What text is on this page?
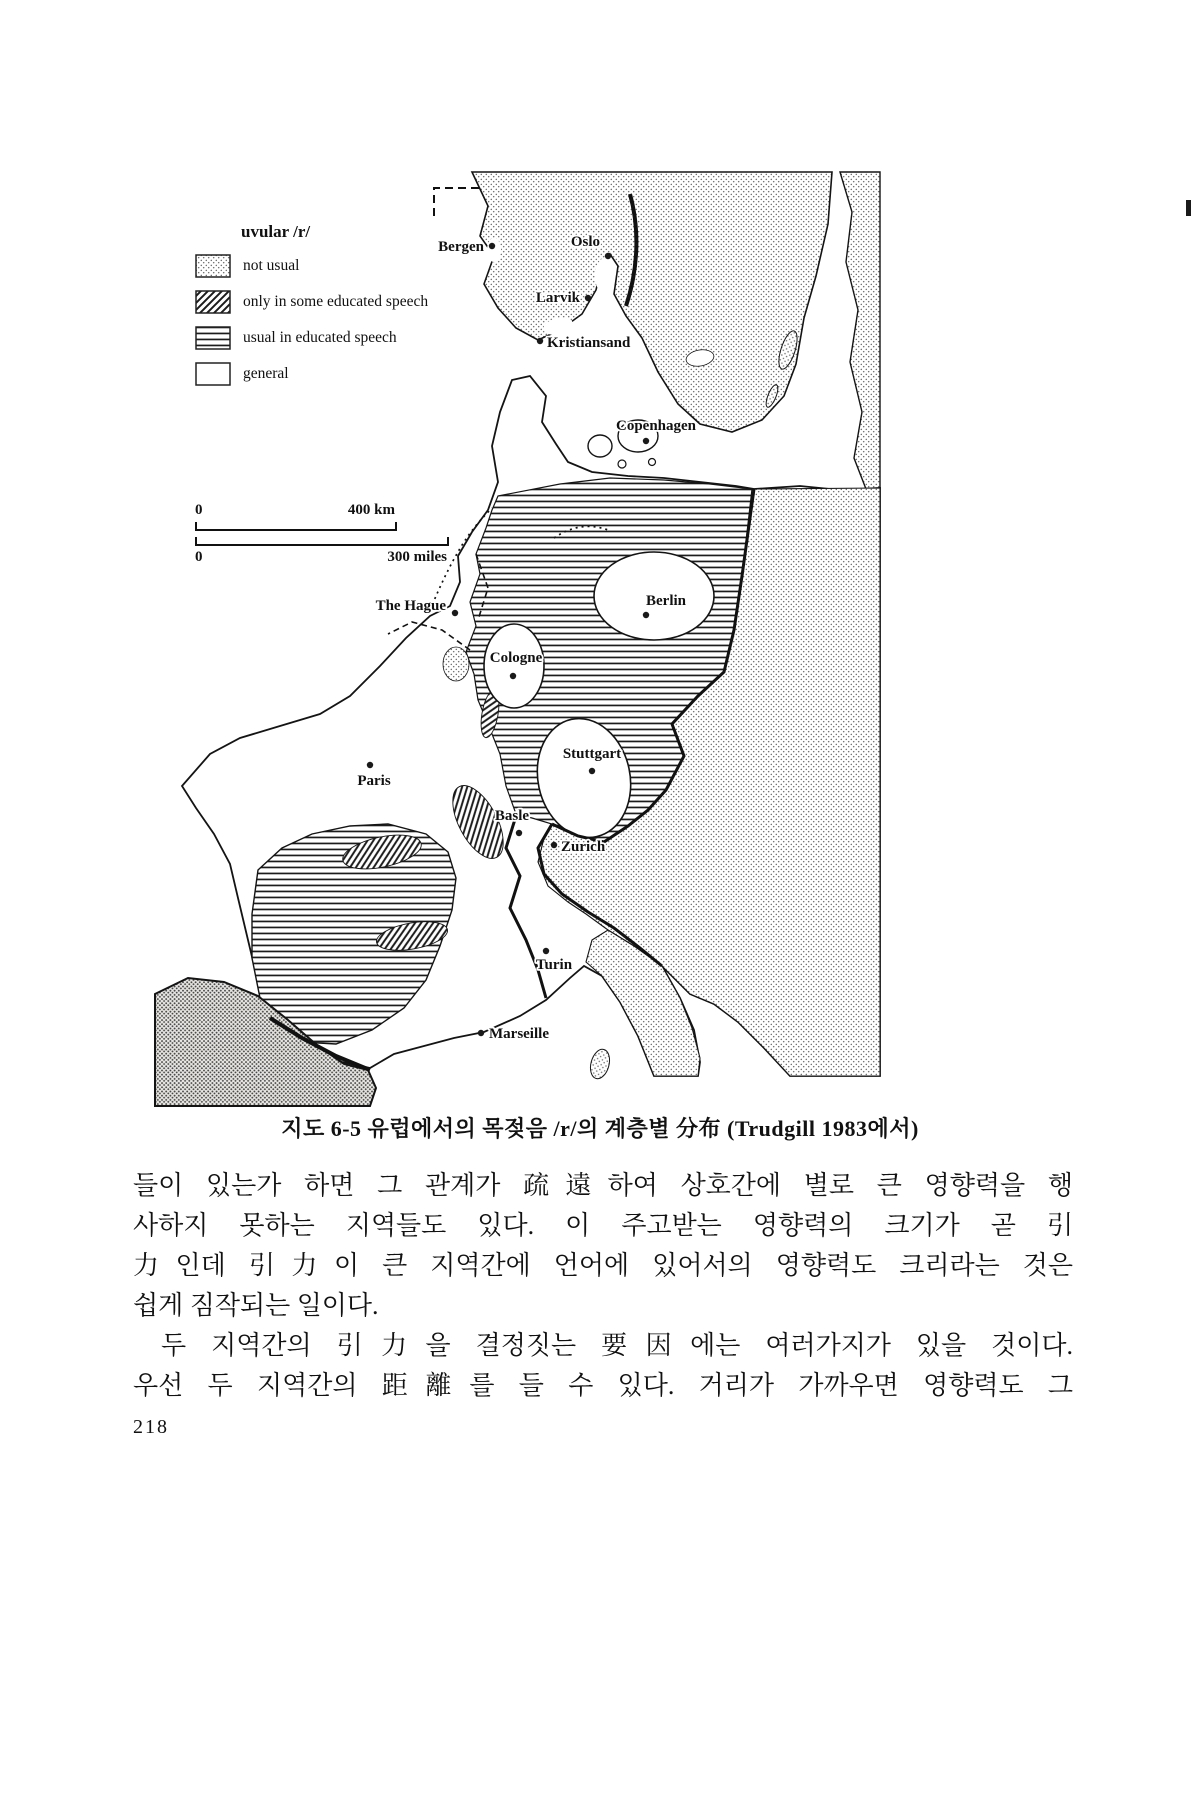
Bergen	Oslo
Larvik
Kristiansand
Copenhagen
The Hague	Berlin
Cologne
Paris
Stuttgart
Basle
Zurich
Turin
Marseille
uvular /r/
not usual
only in some educated speech
usual in educated speech
general
0	400 km
0	300 miles
지도 6-5 유럽에서의 목젖음 /r/의 계층별 分布 (Trudgill 1983에서)
들이 있는가 하면 그 관계가 疏遠하여 상호간에 별로 큰 영향력을 행
사하지 못하는 지역들도 있다. 이 주고받는 영향력의 크기가 곧 引
力인데 引力이 큰 지역간에 언어에 있어서의 영향력도 크리라는 것은
쉽게 짐작되는 일이다.
두 지역간의 引力을 결정짓는 要因에는 여러가지가 있을 것이다.
우선 두 지역간의 距離를 들 수 있다. 거리가 가까우면 영향력도 그
218
